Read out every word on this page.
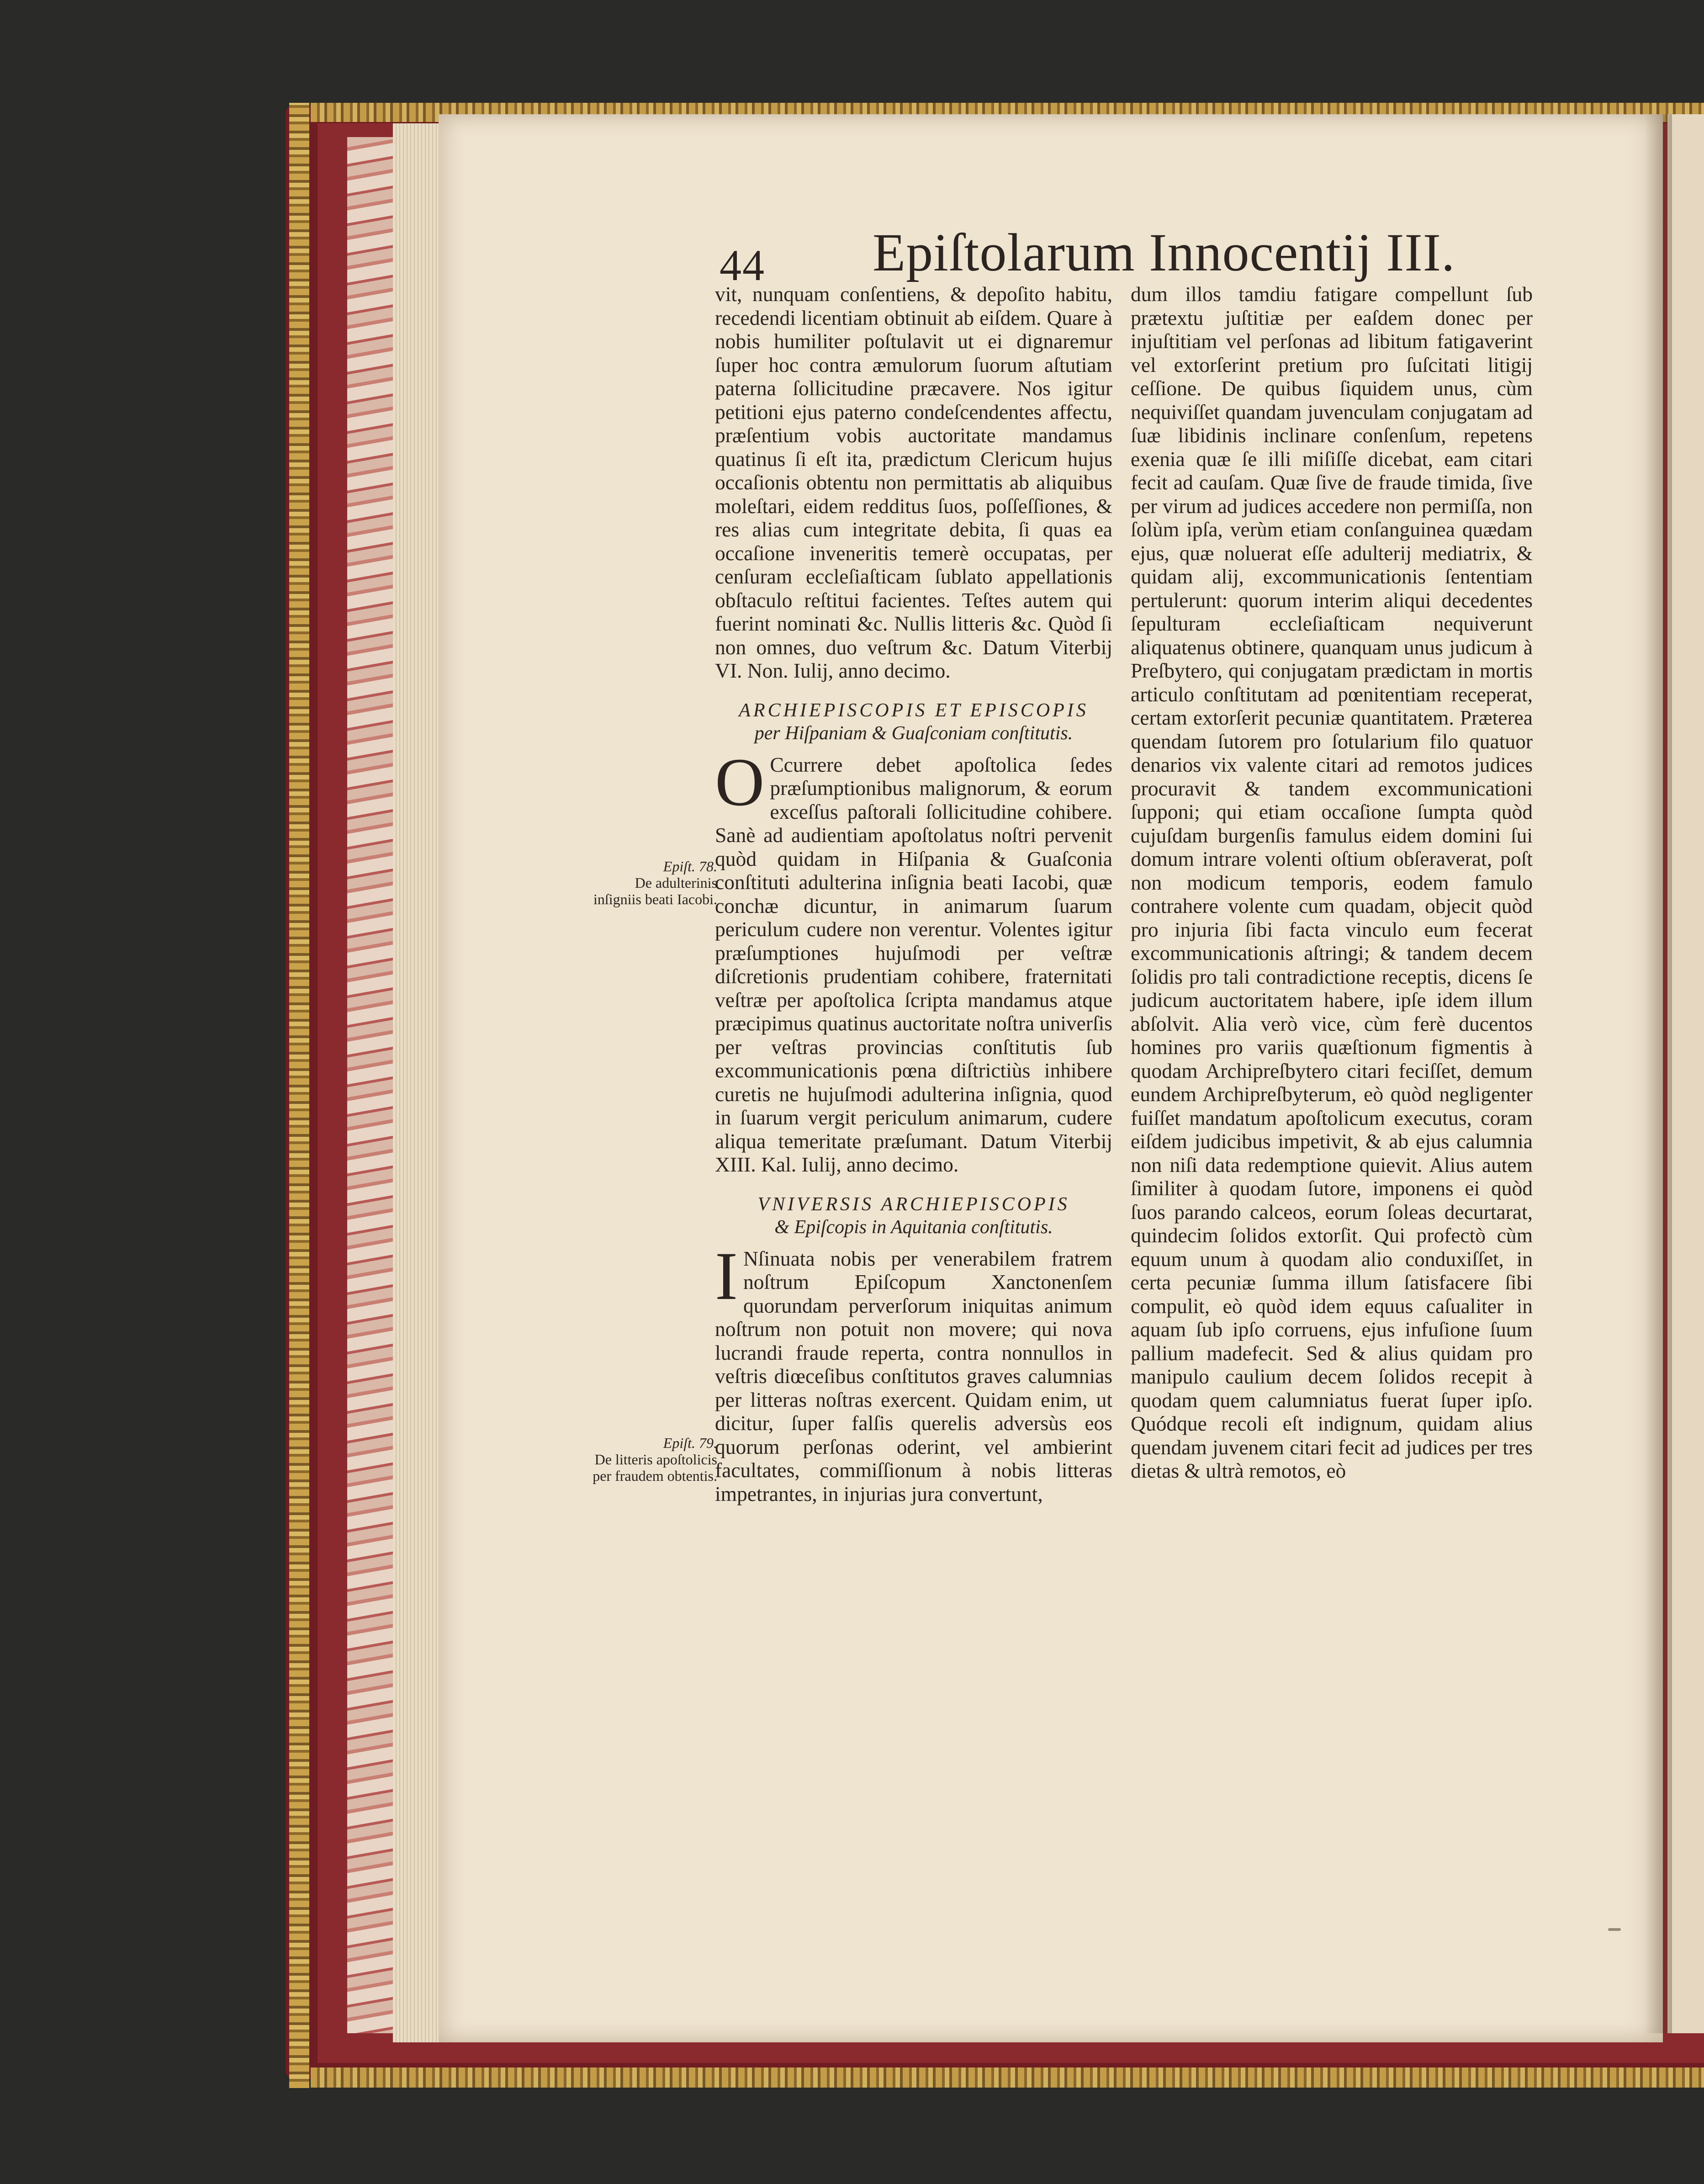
44 Epiſtolarum Innocentij III.

vit, nunquam conſentiens, & depoſito habitu, recedendi licentiam obtinuit ab eiſdem. Quare à nobis humiliter poſtulavit ut ei dignaremur ſuper hoc contra æmulorum ſuorum aſtutiam paterna ſollicitudine præcavere. Nos igitur petitioni ejus paterno condeſcendentes affectu, præſentium vobis auctoritate mandamus quatinus ſi eſt ita, prædictum Clericum hujus occaſionis obtentu non permittatis ab aliquibus moleſtari, eidem redditus ſuos, poſſeſſiones, & res alias cum integritate debita, ſi quas ea occaſione inveneritis temerè occupatas, per cenſuram eccleſiaſticam ſublato appellationis obſtaculo reſtitui facientes. Teſtes autem qui fuerint nominati &c. Nullis litteris &c. Quòd ſi non omnes, duo veſtrum &c. Datum Viterbij VI. Non. Iulij, anno decimo.

ARCHIEPISCOPIS ET EPISCOPIS
per Hiſpaniam & Guaſconiam conſtitutis.

O Ccurrere debet apoſtolica ſedes præſumptionibus malignorum, & eorum exceſſus paſtorali ſollicitudine cohibere. Sanè ad audientiam apoſtolatus noſtri pervenit quòd quidam in Hiſpania & Guaſconia conſtituti adulterina inſignia beati Iacobi, quæ conchæ dicuntur, in animarum ſuarum periculum cudere non verentur. Volentes igitur præſumptiones hujuſmodi per veſtræ diſcretionis prudentiam cohibere, fraternitati veſtræ per apoſtolica ſcripta mandamus atque præcipimus quatinus auctoritate noſtra univerſis per veſtras provincias conſtitutis ſub excommunicationis pœna diſtrictiùs inhibere curetis ne hujuſmodi adulterina inſignia, quod in ſuarum vergit periculum animarum, cudere aliqua temeritate præſumant. Datum Viterbij XIII. Kal. Iulij, anno decimo.

VNIVERSIS ARCHIEPISCOPIS
& Epiſcopis in Aquitania conſtitutis.

I Nſinuata nobis per venerabilem fratrem noſtrum Epiſcopum Xanctonenſem quorundam perverſorum iniquitas animum noſtrum non potuit non movere; qui nova lucrandi fraude reperta, contra nonnullos in veſtris diœceſibus conſtitutos graves calumnias per litteras noſtras exercent. Quidam enim, ut dicitur, ſuper falſis querelis adversùs eos quorum perſonas oderint, vel ambierint facultates, commiſſionum à nobis litteras impetrantes, in injurias jura convertunt,

Epiſt. 78.
De adulterinis inſigniis beati Iacobi.
Epiſt. 79.
De litteris apoſtolicis per fraudem obtentis.

dum illos tamdiu fatigare compellunt ſub prætextu juſtitiæ per eaſdem donec per injuſtitiam vel perſonas ad libitum fatigaverint vel extorſerint pretium pro ſuſcitati litigij ceſſione. De quibus ſiquidem unus, cùm nequiviſſet quandam juvenculam conjugatam ad ſuæ libidinis inclinare conſenſum, repetens exenia quæ ſe illi miſiſſe dicebat, eam citari fecit ad cauſam. Quæ ſive de fraude timida, ſive per virum ad judices accedere non permiſſa, non ſolùm ipſa, verùm etiam conſanguinea quædam ejus, quæ noluerat eſſe adulterij mediatrix, & quidam alij, excommunicationis ſententiam pertulerunt: quorum interim aliqui decedentes ſepulturam eccleſiaſticam nequiverunt aliquatenus obtinere, quanquam unus judicum à Preſbytero, qui conjugatam prædictam in mortis articulo conſtitutam ad pœnitentiam receperat, certam extorſerit pecuniæ quantitatem. Præterea quendam ſutorem pro ſotularium filo quatuor denarios vix valente citari ad remotos judices procuravit & tandem excommunicationi ſupponi; qui etiam occaſione ſumpta quòd cujuſdam burgenſis famulus eidem domini ſui domum intrare volenti oſtium obſeraverat, poſt non modicum temporis, eodem famulo contrahere volente cum quadam, objecit quòd pro injuria ſibi facta vinculo eum fecerat excommunicationis aſtringi; & tandem decem ſolidis pro tali contradictione receptis, dicens ſe judicum auctoritatem habere, ipſe idem illum abſolvit. Alia verò vice, cùm ferè ducentos homines pro variis quæſtionum figmentis à quodam Archipreſbytero citari feciſſet, demum eundem Archipreſbyterum, eò quòd negligenter fuiſſet mandatum apoſtolicum executus, coram eiſdem judicibus impetivit, & ab ejus calumnia non niſi data redemptione quievit. Alius autem ſimiliter à quodam ſutore, imponens ei quòd ſuos parando calceos, eorum ſoleas decurtarat, quindecim ſolidos extorſit. Qui profectò cùm equum unum à quodam alio conduxiſſet, in certa pecuniæ ſumma illum ſatisfacere ſibi compulit, eò quòd idem equus caſualiter in aquam ſub ipſo corruens, ejus infuſione ſuum pallium madefecit. Sed & alius quidam pro manipulo caulium decem ſolidos recepit à quodam quem calumniatus fuerat ſuper ipſo. Quódque recoli eſt indignum, quidam alius quendam juvenem citari fecit ad judices per tres dietas & ultrà remotos, eò
